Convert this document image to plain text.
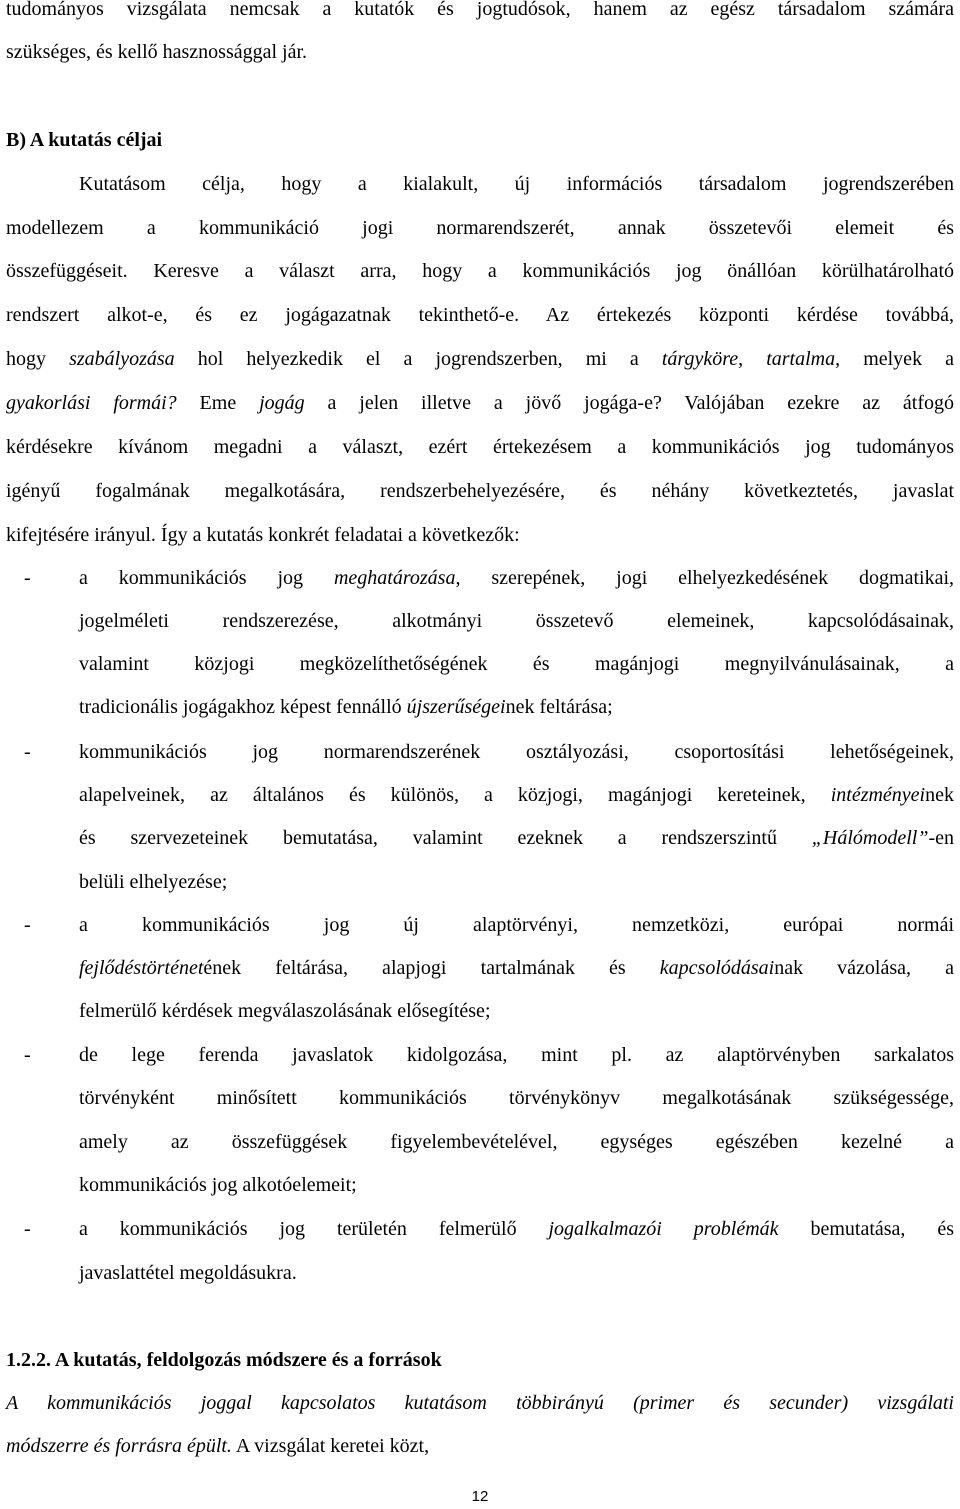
tudományos vizsgálata nemcsak a kutatók és jogtudósok, hanem az egész társadalom számára
szükséges, és kellő hasznossággal jár.
B) A kutatás céljai
Kutatásom célja, hogy a kialakult, új információs társadalom jogrendszerében
modellezem a kommunikáció jogi normarendszerét, annak összetevői elemeit és
összefüggéseit. Keresve a választ arra, hogy a kommunikációs jog önállóan körülhatárolható
rendszert alkot-e, és ez jogágazatnak tekinthető-e. Az értekezés központi kérdése továbbá,
hogy szabályozása hol helyezkedik el a jogrendszerben, mi a tárgyköre, tartalma, melyek a
gyakorlási formái? Eme jogág a jelen illetve a jövő jogága-e? Valójában ezekre az átfogó
kérdésekre kívánom megadni a választ, ezért értekezésem a kommunikációs jog tudományos
igényű fogalmának megalkotására, rendszerbehelyezésére, és néhány következtetés, javaslat
kifejtésére irányul. Így a kutatás konkrét feladatai a következők:
- a kommunikációs jog meghatározása, szerepének, jogi elhelyezkedésének dogmatikai,
jogelméleti rendszerezése, alkotmányi összetevő elemeinek, kapcsolódásainak,
valamint közjogi megközelíthetőségének és magánjogi megnyilvánulásainak, a
tradicionális jogágakhoz képest fennálló újszerűségeinek feltárása;
- kommunikációs jog normarendszerének osztályozási, csoportosítási lehetőségeinek,
alapelveinek, az általános és különös, a közjogi, magánjogi kereteinek, intézményeinek
és szervezeteinek bemutatása, valamint ezeknek a rendszerszintű „Hálómodell”-en
belüli elhelyezése;
- a kommunikációs jog új alaptörvényi, nemzetközi, európai normái
fejlődéstörténetének feltárása, alapjogi tartalmának és kapcsolódásainak vázolása, a
felmerülő kérdések megválaszolásának elősegítése;
- de lege ferenda javaslatok kidolgozása, mint pl. az alaptörvényben sarkalatos
törvényként minősített kommunikációs törvénykönyv megalkotásának szükségessége,
amely az összefüggések figyelembevételével, egységes egészében kezelné a
kommunikációs jog alkotóelemeit;
- a kommunikációs jog területén felmerülő jogalkalmazói problémák bemutatása, és
javaslattétel megoldásukra.
1.2.2. A kutatás, feldolgozás módszere és a források
A kommunikációs joggal kapcsolatos kutatásom többirányú (primer és secunder) vizsgálati
módszerre és forrásra épült. A vizsgálat keretei közt,
12
